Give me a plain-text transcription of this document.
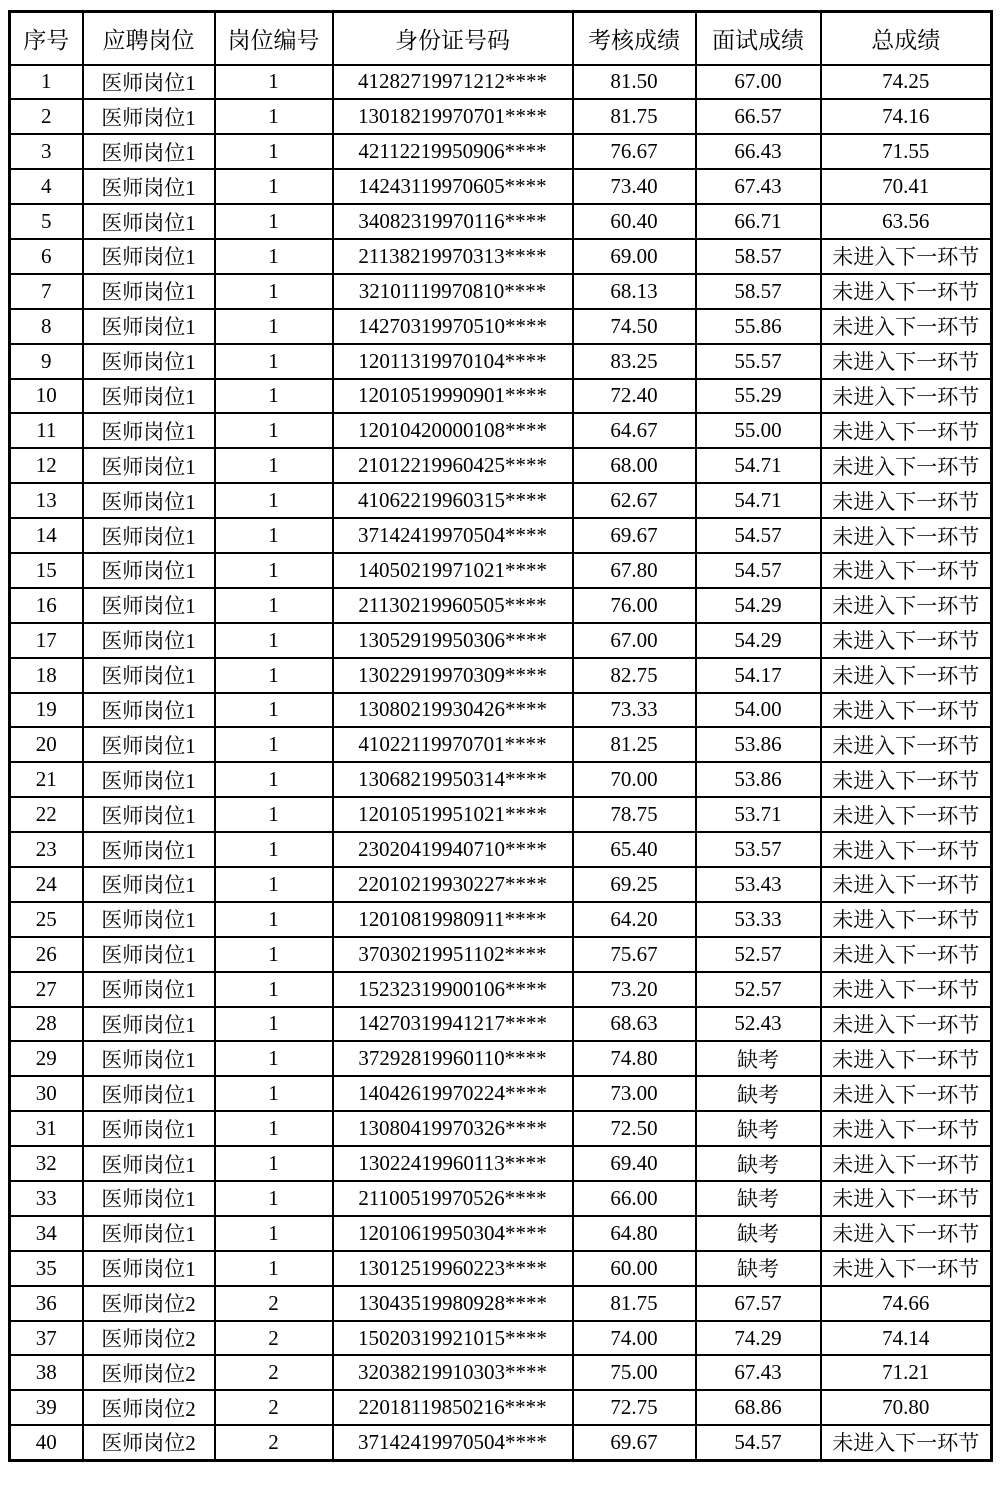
序号	应聘岗位	岗位编号	身份证号码	考核成绩	面试成绩	总成绩
1	医师岗位1	1	41282719971212****	81.50	67.00	74.25
2	医师岗位1	1	13018219970701****	81.75	66.57	74.16
3	医师岗位1	1	42112219950906****	76.67	66.43	71.55
4	医师岗位1	1	14243119970605****	73.40	67.43	70.41
5	医师岗位1	1	34082319970116****	60.40	66.71	63.56
6	医师岗位1	1	21138219970313****	69.00	58.57	未进入下一环节
7	医师岗位1	1	32101119970810****	68.13	58.57	未进入下一环节
8	医师岗位1	1	14270319970510****	74.50	55.86	未进入下一环节
9	医师岗位1	1	12011319970104****	83.25	55.57	未进入下一环节
10	医师岗位1	1	12010519990901****	72.40	55.29	未进入下一环节
11	医师岗位1	1	12010420000108****	64.67	55.00	未进入下一环节
12	医师岗位1	1	21012219960425****	68.00	54.71	未进入下一环节
13	医师岗位1	1	41062219960315****	62.67	54.71	未进入下一环节
14	医师岗位1	1	37142419970504****	69.67	54.57	未进入下一环节
15	医师岗位1	1	14050219971021****	67.80	54.57	未进入下一环节
16	医师岗位1	1	21130219960505****	76.00	54.29	未进入下一环节
17	医师岗位1	1	13052919950306****	67.00	54.29	未进入下一环节
18	医师岗位1	1	13022919970309****	82.75	54.17	未进入下一环节
19	医师岗位1	1	13080219930426****	73.33	54.00	未进入下一环节
20	医师岗位1	1	41022119970701****	81.25	53.86	未进入下一环节
21	医师岗位1	1	13068219950314****	70.00	53.86	未进入下一环节
22	医师岗位1	1	12010519951021****	78.75	53.71	未进入下一环节
23	医师岗位1	1	23020419940710****	65.40	53.57	未进入下一环节
24	医师岗位1	1	22010219930227****	69.25	53.43	未进入下一环节
25	医师岗位1	1	12010819980911****	64.20	53.33	未进入下一环节
26	医师岗位1	1	37030219951102****	75.67	52.57	未进入下一环节
27	医师岗位1	1	15232319900106****	73.20	52.57	未进入下一环节
28	医师岗位1	1	14270319941217****	68.63	52.43	未进入下一环节
29	医师岗位1	1	37292819960110****	74.80	缺考	未进入下一环节
30	医师岗位1	1	14042619970224****	73.00	缺考	未进入下一环节
31	医师岗位1	1	13080419970326****	72.50	缺考	未进入下一环节
32	医师岗位1	1	13022419960113****	69.40	缺考	未进入下一环节
33	医师岗位1	1	21100519970526****	66.00	缺考	未进入下一环节
34	医师岗位1	1	12010619950304****	64.80	缺考	未进入下一环节
35	医师岗位1	1	13012519960223****	60.00	缺考	未进入下一环节
36	医师岗位2	2	13043519980928****	81.75	67.57	74.66
37	医师岗位2	2	15020319921015****	74.00	74.29	74.14
38	医师岗位2	2	32038219910303****	75.00	67.43	71.21
39	医师岗位2	2	22018119850216****	72.75	68.86	70.80
40	医师岗位2	2	37142419970504****	69.67	54.57	未进入下一环节
